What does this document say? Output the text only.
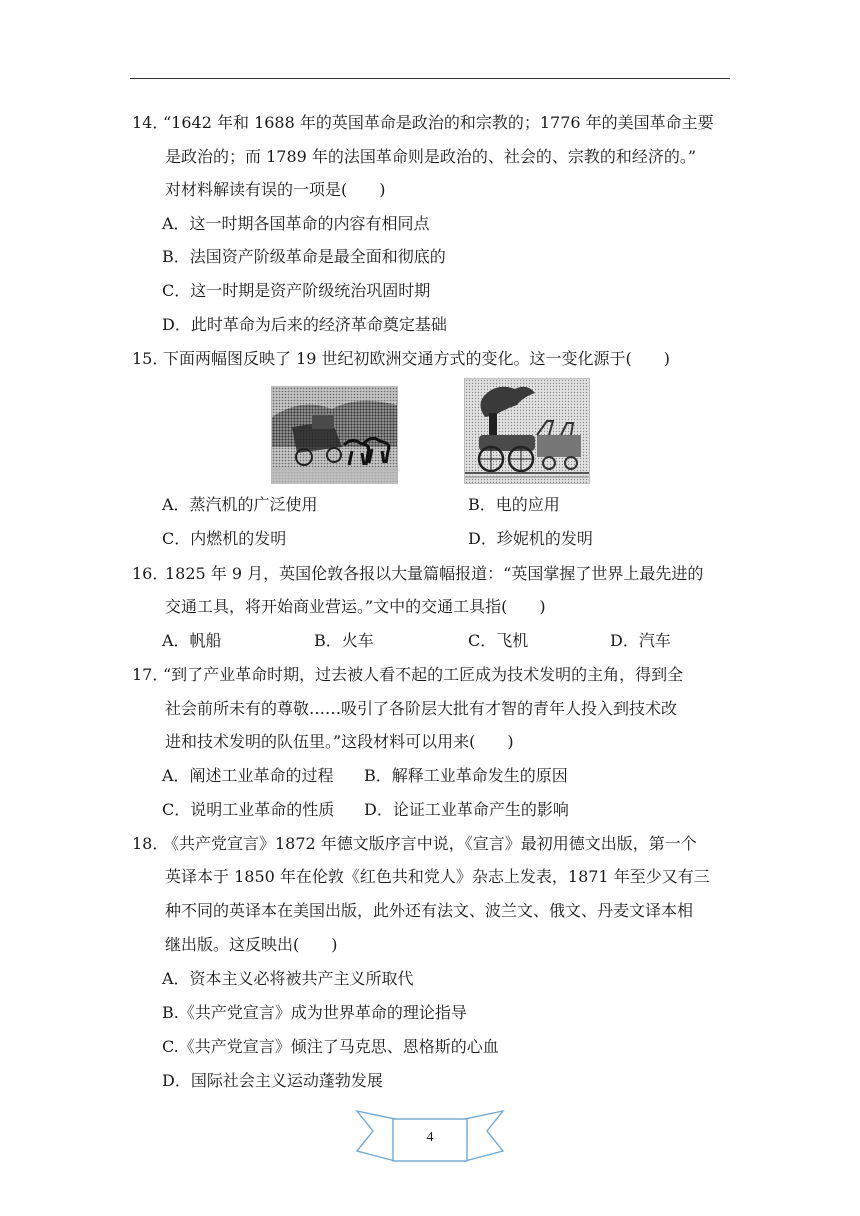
14．
“1642 年和 1688 年的英国革命是政治的和宗教的；1776 年的美国革命主要
是政治的；而 1789 年的法国革命则是政治的、社会的、宗教的和经济的。”
对材料解读有误的一项是(　　)
A．这一时期各国革命的内容有相同点
B．法国资产阶级革命是最全面和彻底的
C．这一时期是资产阶级统治巩固时期
D．此时革命为后来的经济革命奠定基础
15．
下面两幅图反映了 19 世纪初欧洲交通方式的变化。这一变化源于(　　)
A．蒸汽机的广泛使用	B．电的应用
C．内燃机的发明	D．珍妮机的发明
16．
1825 年 9 月，英国伦敦各报以大量篇幅报道：“英国掌握了世界上最先进的
交通工具，将开始商业营运。”文中的交通工具指(　　)
A．帆船	B．火车	C．飞机	D．汽车
17．
“到了产业革命时期，过去被人看不起的工匠成为技术发明的主角，得到全
社会前所未有的尊敬……吸引了各阶层大批有才智的青年人投入到技术改
进和技术发明的队伍里。”这段材料可以用来(　　)
A．阐述工业革命的过程 B．解释工业革命发生的原因
C．说明工业革命的性质 D．论证工业革命产生的影响
18．
《共产党宣言》1872 年德文版序言中说，《宣言》最初用德文出版，第一个
英译本于 1850 年在伦敦《红色共和党人》杂志上发表，1871 年至少又有三
种不同的英译本在美国出版，此外还有法文、波兰文、俄文、丹麦文译本相
继出版。这反映出(　　)
A．资本主义必将被共产主义所取代
B.《共产党宣言》成为世界革命的理论指导
C.《共产党宣言》倾注了马克思、恩格斯的心血
D．国际社会主义运动蓬勃发展
4
